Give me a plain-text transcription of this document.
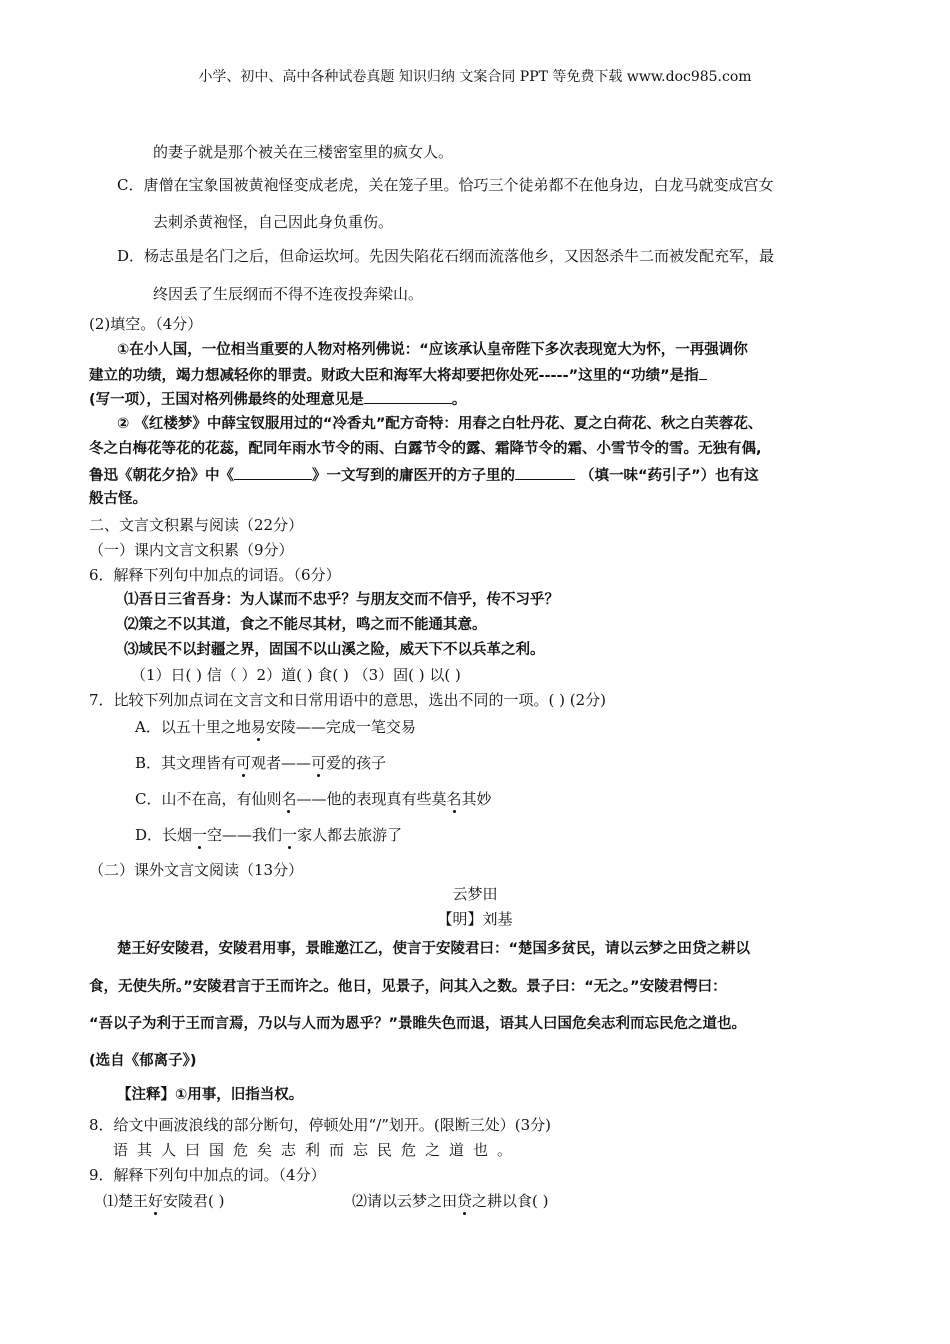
小学、初中、高中各种试卷真题 知识归纳 文案合同 PPT 等免费下载 www.doc985.com
的妻子就是那个被关在三楼密室里的疯女人。
C．唐僧在宝象国被黄袍怪变成老虎，关在笼子里。恰巧三个徒弟都不在他身边，白龙马就变成宫女
去刺杀黄袍怪，自己因此身负重伤。
D．杨志虽是名门之后，但命运坎坷。先因失陷花石纲而流落他乡，又因怒杀牛二而被发配充军，最
终因丢了生辰纲而不得不连夜投奔梁山。
(2)填空。（4分）
①在小人国，一位相当重要的人物对格列佛说：“应该承认皇帝陛下多次表现宽大为怀，一再强调你
建立的功绩，竭力想减轻你的罪责。财政大臣和海军大将却要把你处死-----”这里的“功绩”是指
(写一项），王国对格列佛最终的处理意见是	。
② 《红楼梦》中薛宝钗服用过的“冷香丸”配方奇特：用春之白牡丹花、夏之白荷花、秋之白芙蓉花、
冬之白梅花等花的花蕊，配同年雨水节令的雨、白露节令的露、霜降节令的霜、小雪节令的雪。无独有偶,
鲁迅《朝花夕拾》中《	》一文写到的庸医开的方子里的	（填一味“药引子”）也有这
般古怪。
二、文言文积累与阅读（22分）
（一）课内文言文积累（9分）
6．解释下列句中加点的词语。（6分）
⑴吾日三省吾身：为人谋而不忠乎？与朋友交而不信乎，传不习乎？
⑵策之不以其道，食之不能尽其材，鸣之而不能通其意。
⑶域民不以封疆之界，固国不以山溪之险，威天下不以兵革之利。
（1）日( ) 信（ ）2）道( ) 食( ) （3）固( ) 以( )
7．比较下列加点词在文言文和日常用语中的意思，选出不同的一项。( ) (2分)
A．以五十里之地易安陵——完成一笔交易
B．其文理皆有可观者——可爱的孩子
C．山不在高，有仙则名——他的表现真有些莫名其妙
D．长烟一空——我们一家人都去旅游了
（二）课外文言文阅读（13分）
云梦田
【明】刘基
楚王好安陵君，安陵君用事，景睢邀江乙，使言于安陵君曰：“楚国多贫民，请以云梦之田贷之耕以
食，无使失所。”安陵君言于王而许之。他日，见景子，问其入之数。景子曰：“无之。”安陵君愕曰：
“吾以子为利于王而言焉，乃以与人而为恩乎？”景睢失色而退，语其人曰国危矣志利而忘民危之道也。
(选自《郁离子》)
【注释】①用事，旧指当权。
8．给文中画波浪线的部分断句，停顿处用“/”划开。(限断三处）(3分)
语其人曰国危矣志利而忘民危之道也。
9．解释下列句中加点的词。（4分）
⑴楚王好安陵君( )	⑵请以云梦之田贷之耕以食( )
